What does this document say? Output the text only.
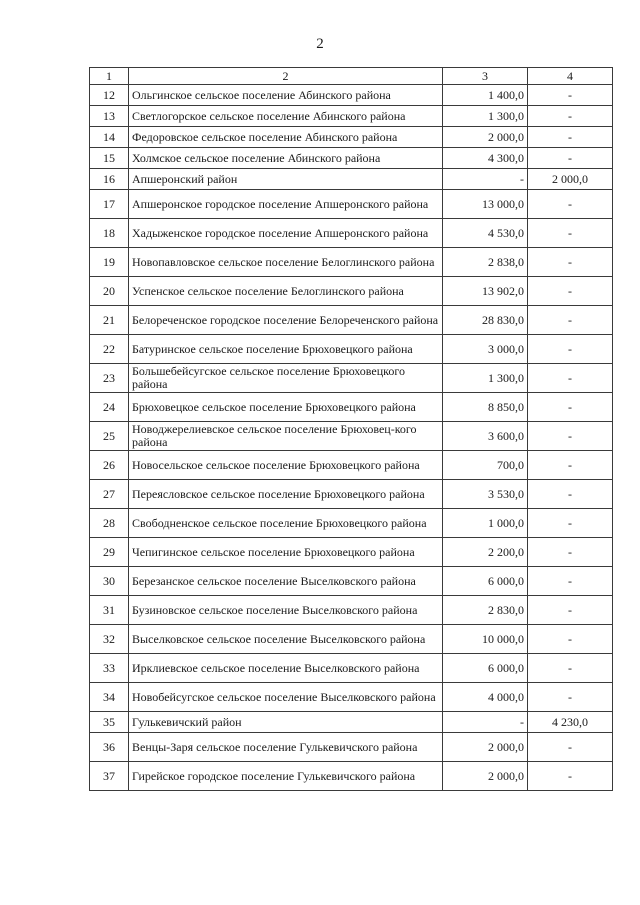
2
1	2	3	4
12	Ольгинское сельское поселение Абинского района	1 400,0	-
13	Светлогорское сельское поселение Абинского района	1 300,0	-
14	Федоровское сельское поселение Абинского района	2 000,0	-
15	Холмское сельское поселение Абинского района	4 300,0	-
16	Апшеронский район	-	2 000,0
17	Апшеронское городское поселение Апшеронского района	13 000,0	-
18	Хадыженское городское поселение Апшеронского района	4 530,0	-
19	Новопавловское сельское поселение Белоглинского района	2 838,0	-
20	Успенское сельское поселение Белоглинского района	13 902,0	-
21	Белореченское городское поселение Белореченского района	28 830,0	-
22	Батуринское сельское поселение Брюховецкого района	3 000,0	-
23	Большебейсугское сельское поселение Брюховецкого района	1 300,0	-
24	Брюховецкое сельское поселение Брюховецкого района	8 850,0	-
25	Новоджерелиевское сельское поселение Брюховец-кого района	3 600,0	-
26	Новосельское сельское поселение Брюховецкого района	700,0	-
27	Переясловское сельское поселение Брюховецкого района	3 530,0	-
28	Свободненское сельское поселение Брюховецкого района	1 000,0	-
29	Чепигинское сельское поселение Брюховецкого района	2 200,0	-
30	Березанское сельское поселение Выселковского района	6 000,0	-
31	Бузиновское сельское поселение Выселковского района	2 830,0	-
32	Выселковское сельское поселение Выселковского района	10 000,0	-
33	Ирклиевское сельское поселение Выселковского района	6 000,0	-
34	Новобейсугское сельское поселение Выселковского района	4 000,0	-
35	Гулькевичский район	-	4 230,0
36	Венцы-Заря сельское поселение Гулькевичского района	2 000,0	-
37	Гирейское городское поселение Гулькевичского района	2 000,0	-
